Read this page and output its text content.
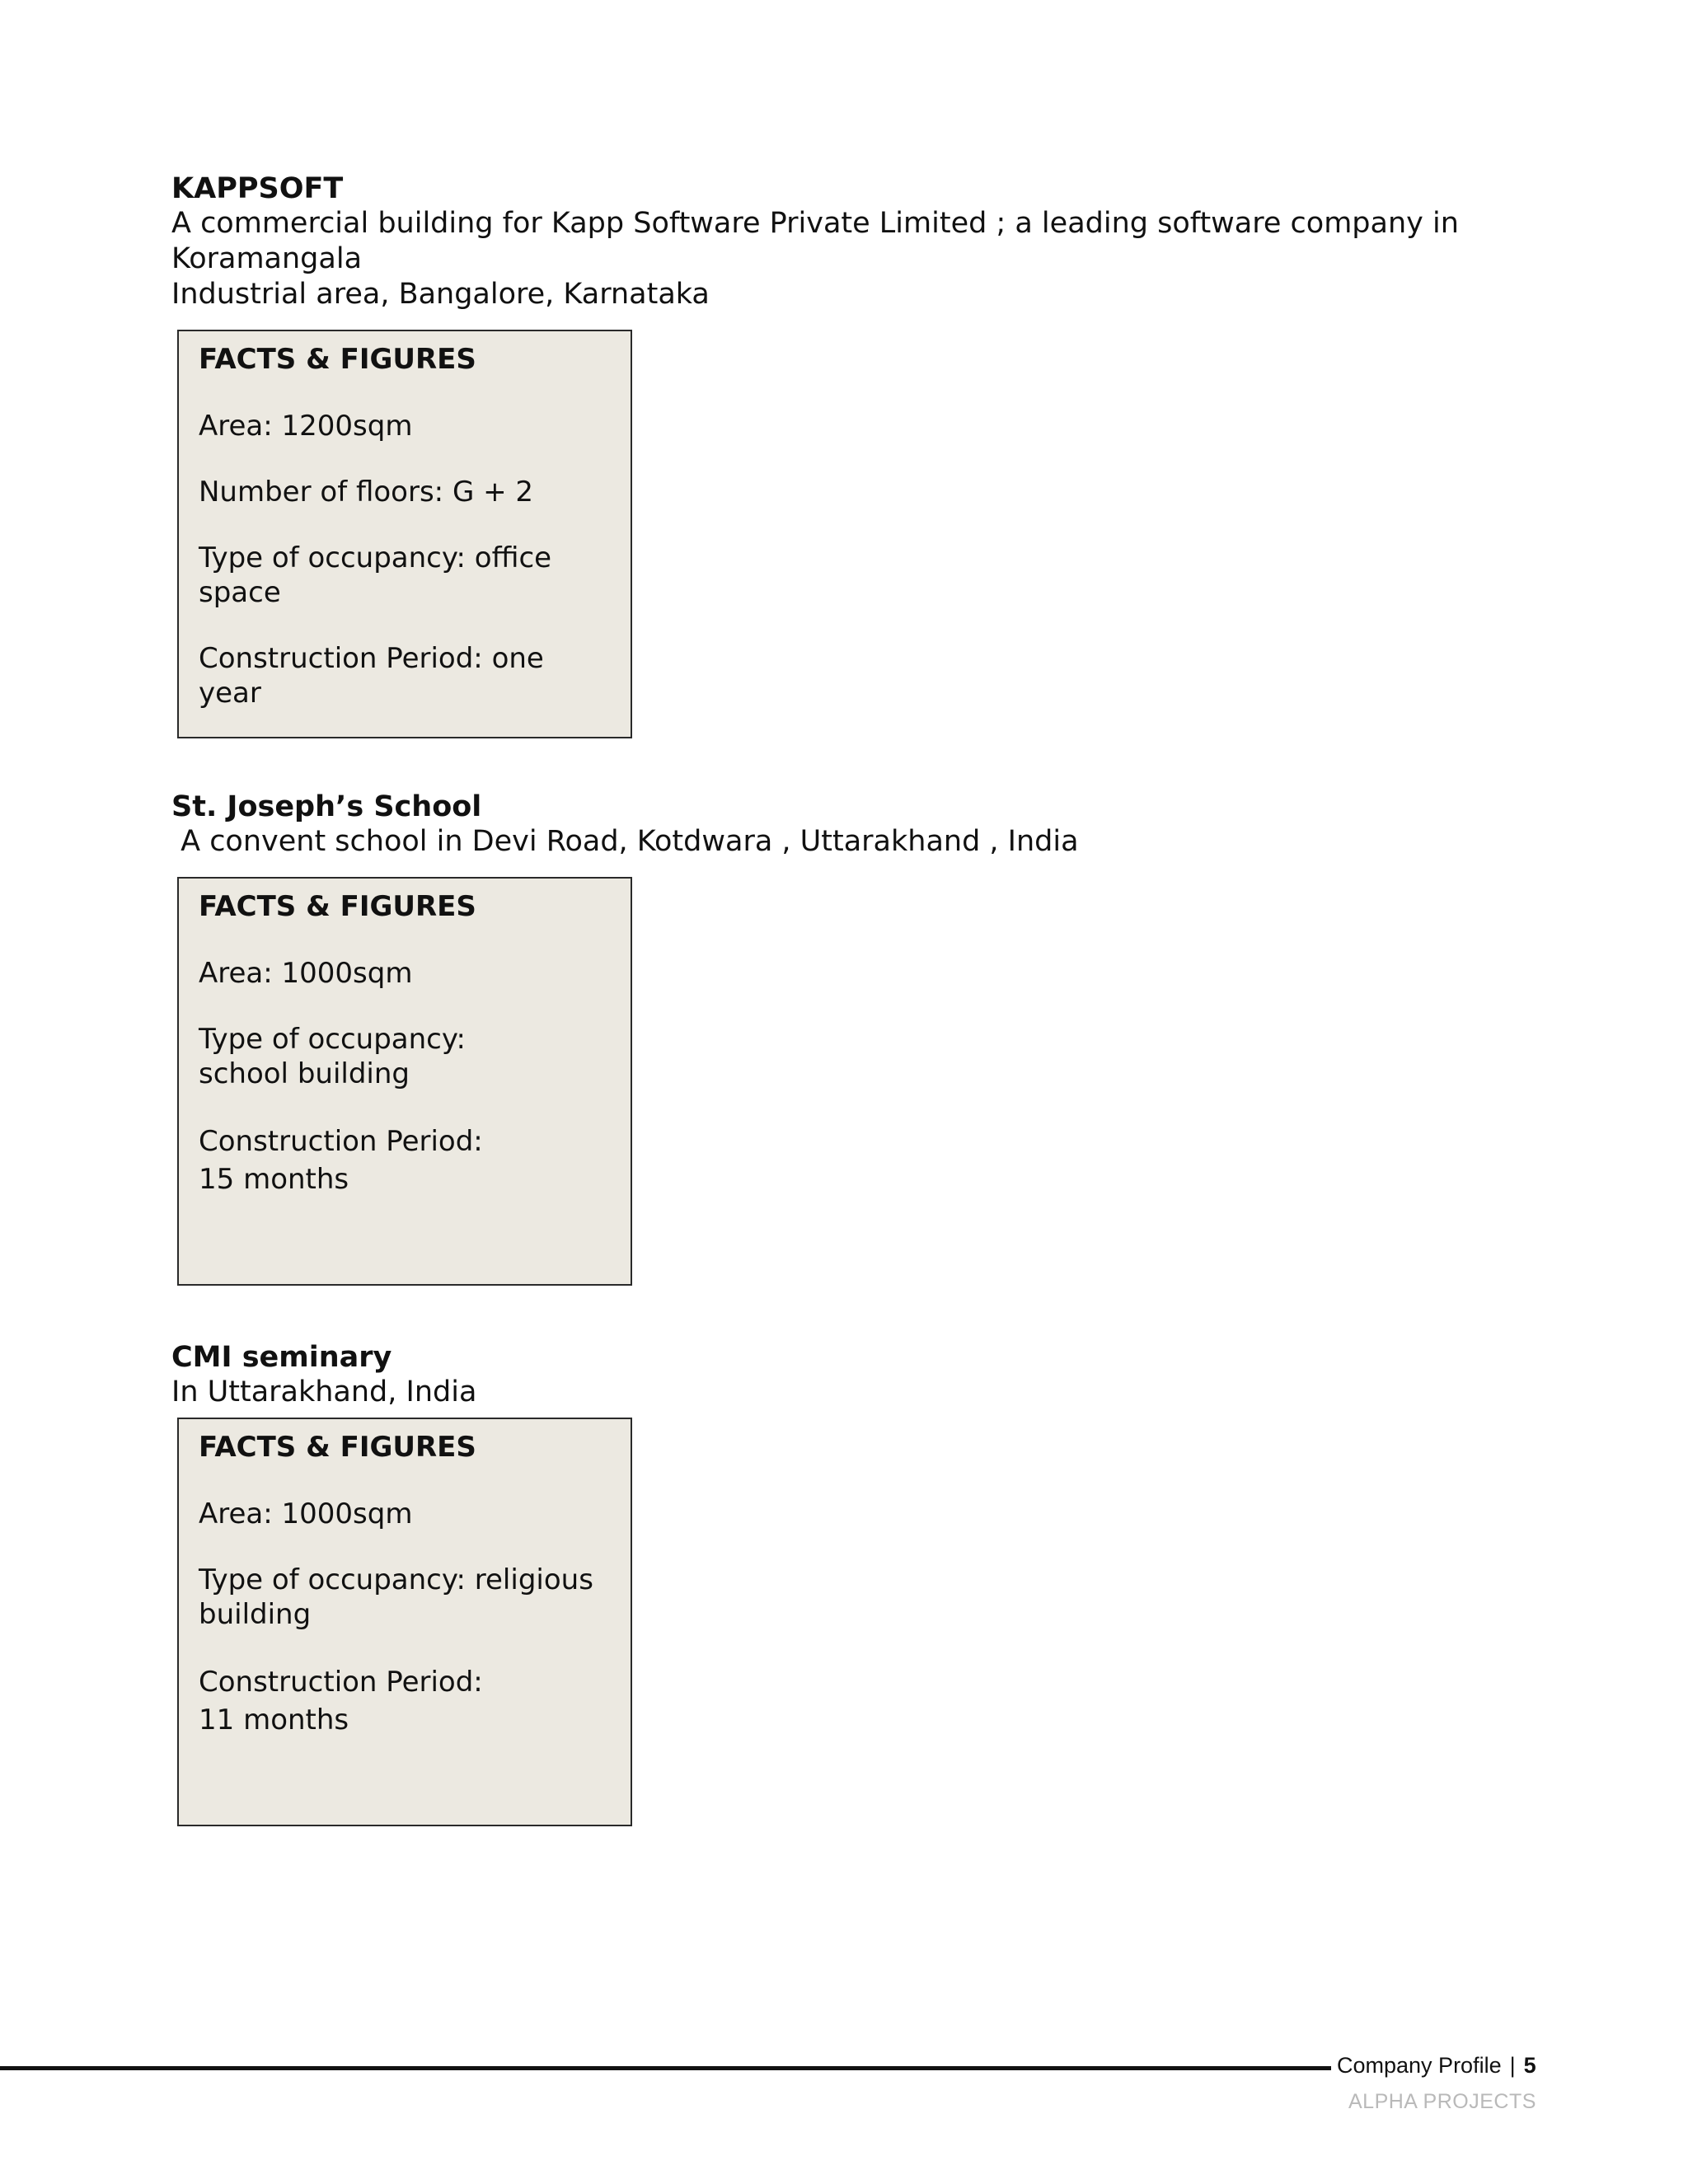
KAPPSOFT

A commercial building for Kapp Software Private Limited ; a leading software company in

Koramangala

Industrial area, Bangalore, Karnataka

FACTS & FIGURES

Area: 1200sqm

Number of floors: G + 2

Type of occupancy: office
space

Construction Period: one year

St. Joseph’s School

A convent school in Devi Road, Kotdwara , Uttarakhand , India

FACTS & FIGURES

Area: 1000sqm

Type of occupancy:
school building

Construction Period:
15 months

CMI seminary

In Uttarakhand, India

FACTS & FIGURES

Area: 1000sqm

Type of occupancy: religious
building

Construction Period:
11 months

Company Profile | 5
ALPHA PROJECTS
